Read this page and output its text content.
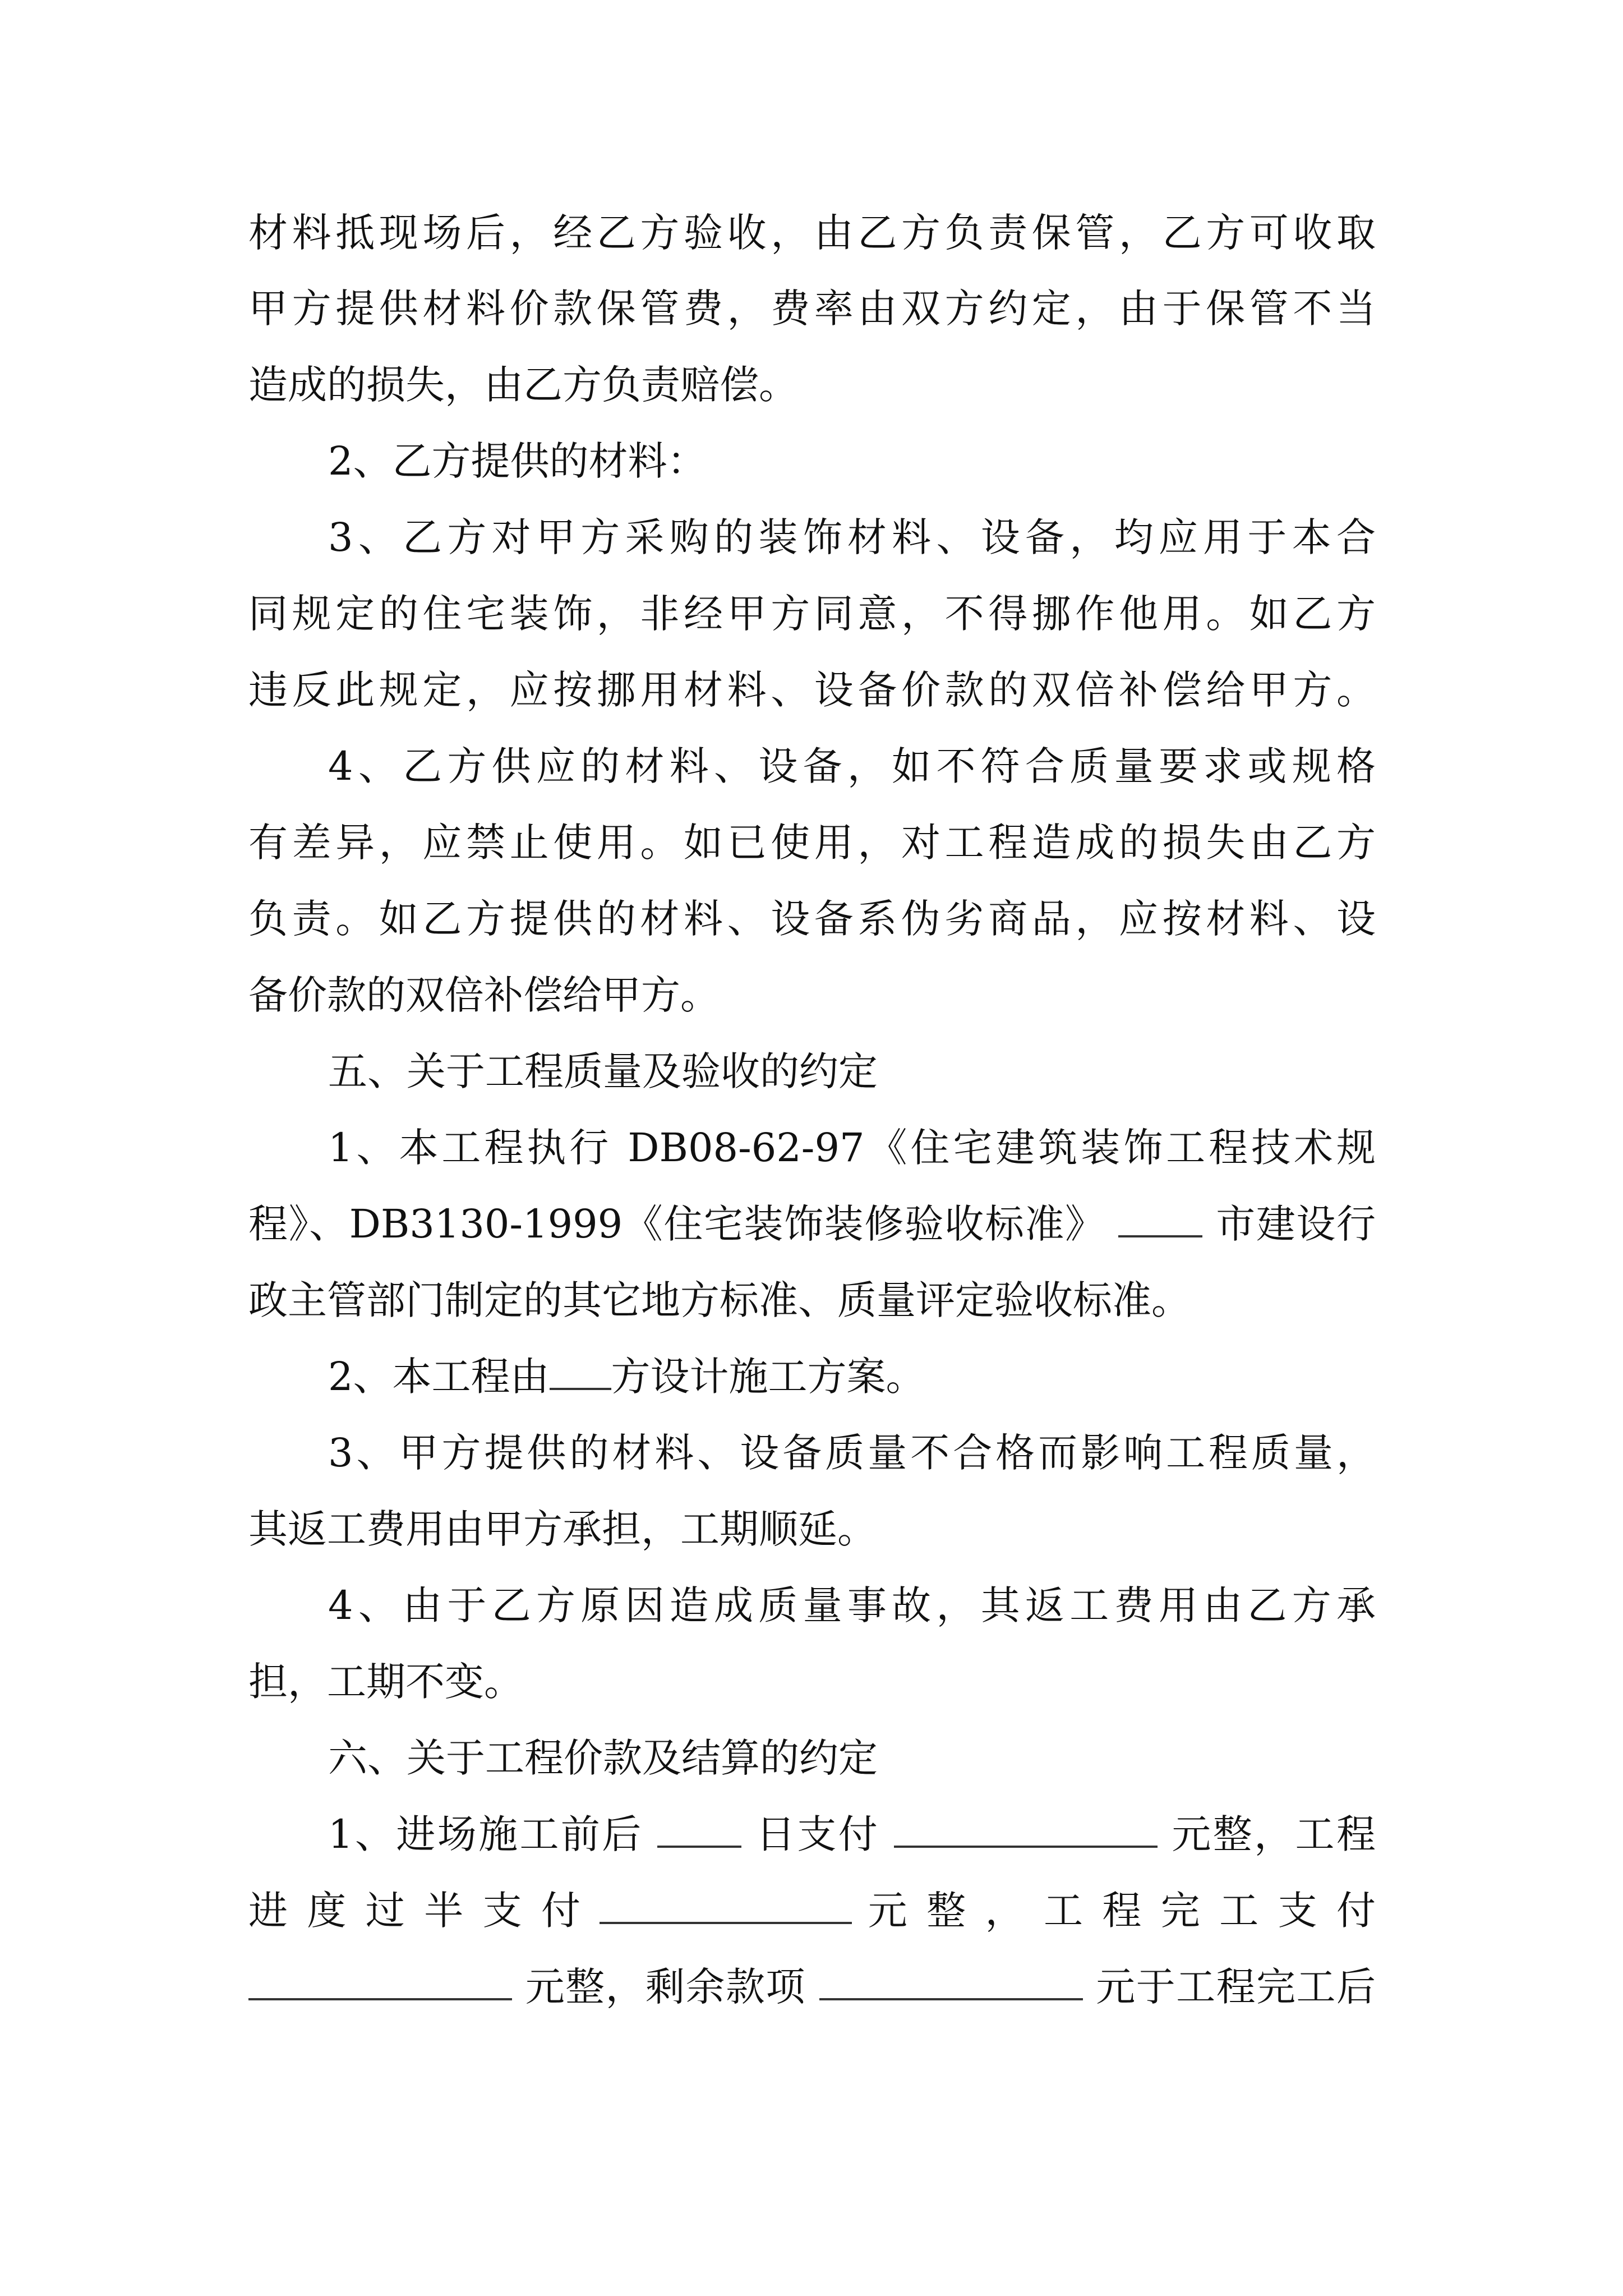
材料抵现场后，经乙方验收，由乙方负责保管，乙方可收取
甲方提供材料价款保管费，费率由双方约定，由于保管不当
造成的损失，由乙方负责赔偿。
2、乙方提供的材料：
3、乙方对甲方采购的装饰材料、设备，均应用于本合
同规定的住宅装饰，非经甲方同意，不得挪作他用。如乙方
违反此规定，应按挪用材料、设备价款的双倍补偿给甲方。
4、乙方供应的材料、设备，如不符合质量要求或规格
有差异，应禁止使用。如已使用，对工程造成的损失由乙方
负责。如乙方提供的材料、设备系伪劣商品，应按材料、设
备价款的双倍补偿给甲方。
五、关于工程质量及验收的约定
1、本工程执行 DB08-62-97《住宅建筑装饰工程技术规
程》、DB3130-1999《住宅装饰装修验收标准》	市建设行
政主管部门制定的其它地方标准、质量评定验收标准。
2、本工程由 方设计施工方案。
3、甲方提供的材料、设备质量不合格而影响工程质量，
其返工费用由甲方承担，工期顺延。
4、由于乙方原因造成质量事故，其返工费用由乙方承
担，工期不变。
六、关于工程价款及结算的约定
1、进场施工前后	日支付	元整，工程
进 度 过 半 支 付	元 整 ， 工 程 完 工 支 付
元整，剩余款项	元于工程完工后
